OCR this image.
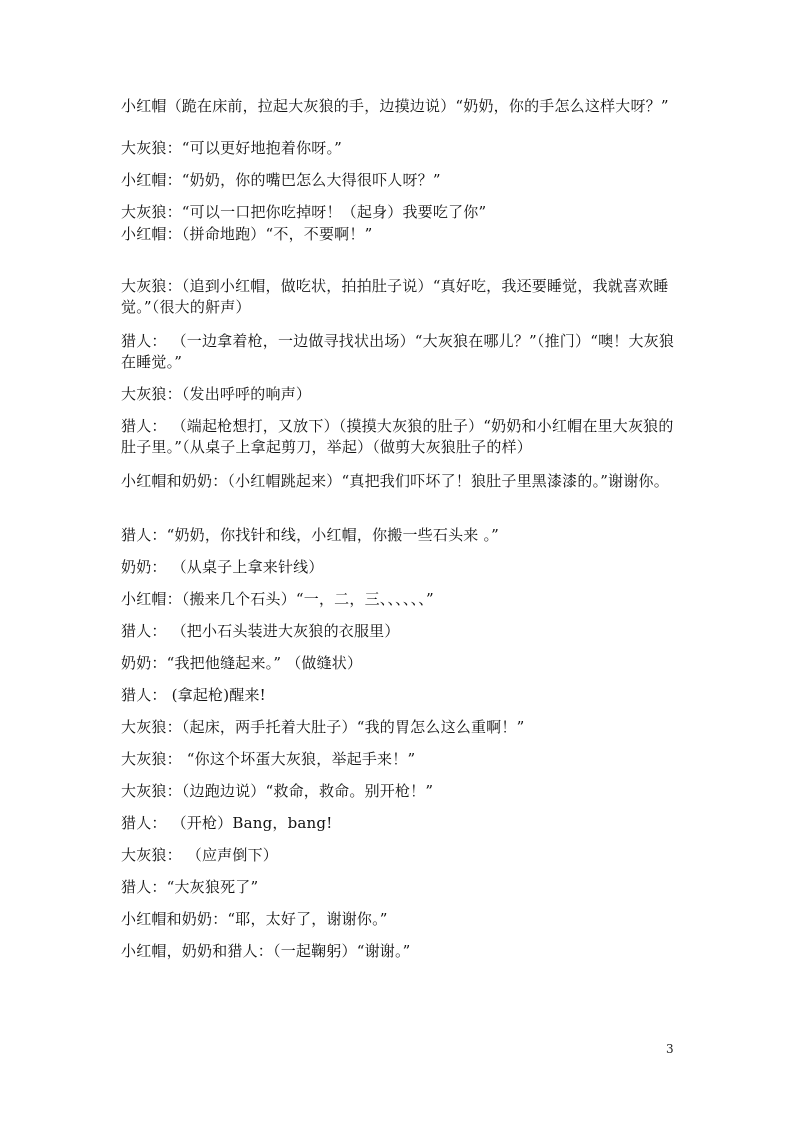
小红帽（跪在床前，拉起大灰狼的手，边摸边说）“奶奶，你的手怎么这样大呀？”
大灰狼：“可以更好地抱着你呀。”
小红帽：“奶奶，你的嘴巴怎么大得很吓人呀？”
大灰狼：“可以一口把你吃掉呀！（起身）我要吃了你”
小红帽：（拼命地跑）“不，不要啊！”
大灰狼：（追到小红帽，做吃状，拍拍肚子说）“真好吃，我还要睡觉，我就喜欢睡觉。”（很大的鼾声）
猎人： （一边拿着枪，一边做寻找状出场）“大灰狼在哪儿？”（推门）“噢！大灰狼在睡觉。”
大灰狼：（发出呼呼的响声）
猎人： （端起枪想打，又放下）（摸摸大灰狼的肚子）“奶奶和小红帽在里大灰狼的肚子里。”（从桌子上拿起剪刀，举起）（做剪大灰狼肚子的样）
小红帽和奶奶：（小红帽跳起来）“真把我们吓坏了！狼肚子里黑漆漆的。”谢谢你。
猎人：“奶奶，你找针和线，小红帽，你搬一些石头来 。”
奶奶： （从桌子上拿来针线）
小红帽：（搬来几个石头）“一，二，三、、、、、、”
猎人： （把小石头装进大灰狼的衣服里）
奶奶：“我把他缝起来。” （做缝状）
猎人： (拿起枪)醒来!
大灰狼：（起床，两手托着大肚子）“我的胃怎么这么重啊！”
大灰狼： “你这个坏蛋大灰狼，举起手来！”
大灰狼：（边跑边说）“救命，救命。别开枪！”
猎人： （开枪）Bang，bang!
大灰狼： （应声倒下）
猎人：“大灰狼死了”
小红帽和奶奶：“耶，太好了，谢谢你。”
小红帽，奶奶和猎人：（一起鞠躬）“谢谢。”
3
